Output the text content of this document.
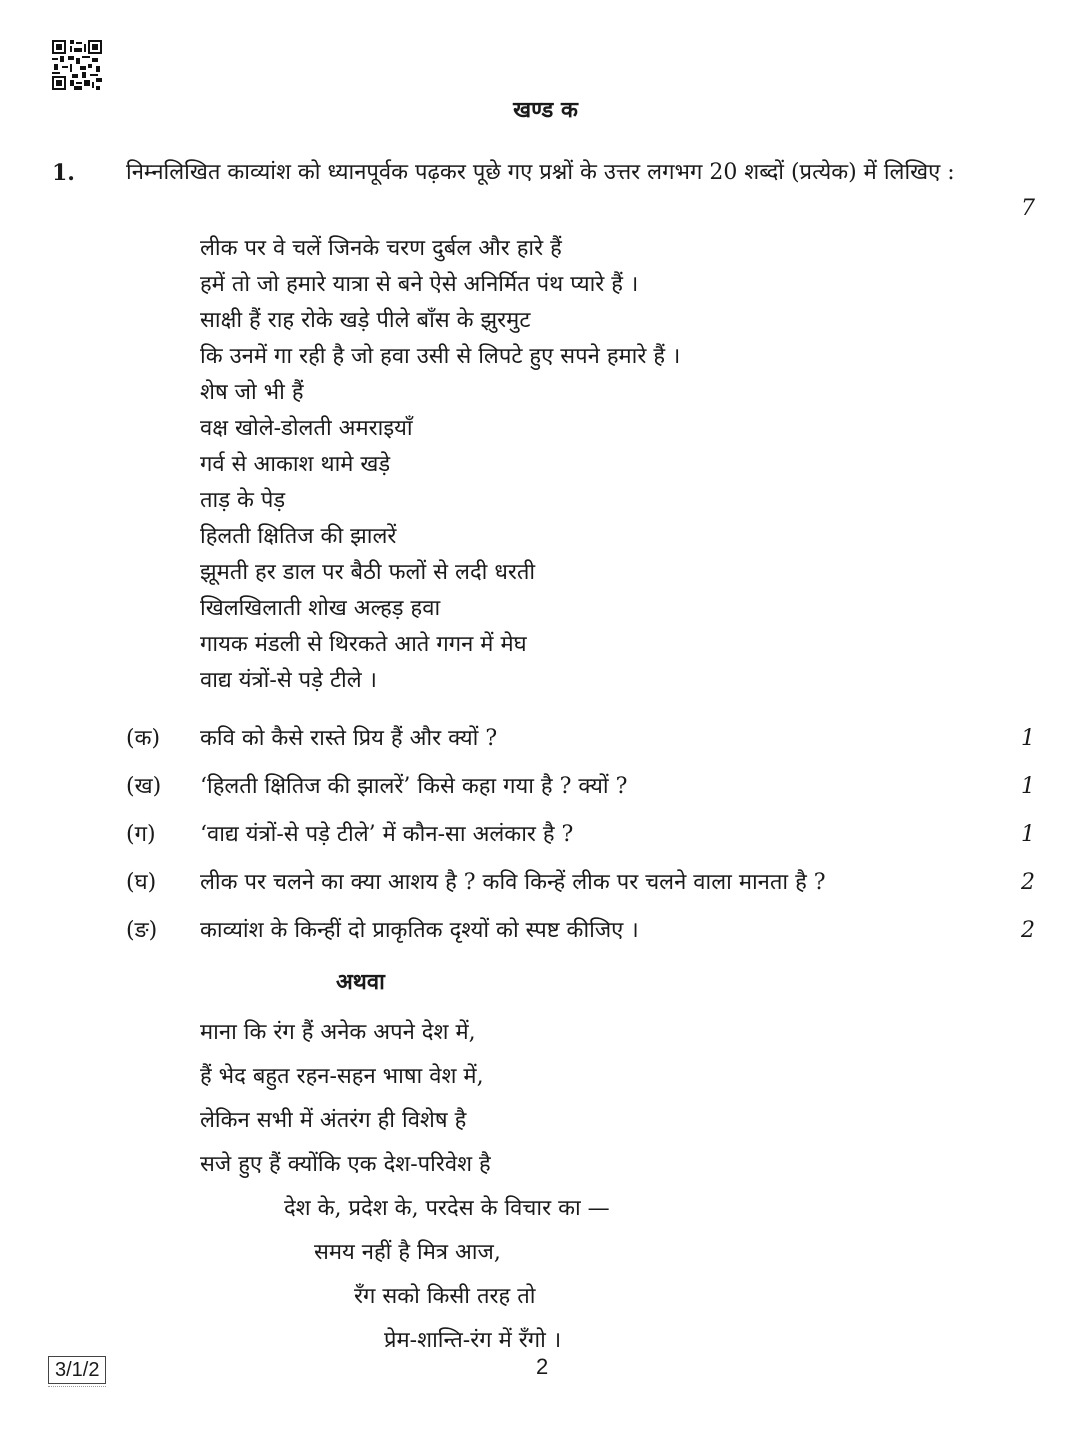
खण्ड क
1. निम्नलिखित काव्यांश को ध्यानपूर्वक पढ़कर पूछे गए प्रश्नों के उत्तर लगभग 20 शब्दों (प्रत्येक) में लिखिए :
7
लीक पर वे चलें जिनके चरण दुर्बल और हारे हैं
हमें तो जो हमारे यात्रा से बने ऐसे अनिर्मित पंथ प्यारे हैं ।
साक्षी हैं राह रोके खड़े पीले बाँस के झुरमुट
कि उनमें गा रही है जो हवा उसी से लिपटे हुए सपने हमारे हैं ।
शेष जो भी हैं
वक्ष खोले-डोलती अमराइयाँ
गर्व से आकाश थामे खड़े
ताड़ के पेड़
हिलती क्षितिज की झालरें
झूमती हर डाल पर बैठी फलों से लदी धरती
खिलखिलाती शोख अल्हड़ हवा
गायक मंडली से थिरकते आते गगन में मेघ
वाद्य यंत्रों-से पड़े टीले ।
(क) कवि को कैसे रास्ते प्रिय हैं और क्यों ?	1
(ख) ‘हिलती क्षितिज की झालरें’ किसे कहा गया है ? क्यों ?	1
(ग) ‘वाद्य यंत्रों-से पड़े टीले’ में कौन-सा अलंकार है ?	1
(घ) लीक पर चलने का क्या आशय है ? कवि किन्हें लीक पर चलने वाला मानता है ?	2
(ङ) काव्यांश के किन्हीं दो प्राकृतिक दृश्यों को स्पष्ट कीजिए ।	2
अथवा
माना कि रंग हैं अनेक अपने देश में,
हैं भेद बहुत रहन-सहन भाषा वेश में,
लेकिन सभी में अंतरंग ही विशेष है
सजे हुए हैं क्योंकि एक देश-परिवेश है
देश के, प्रदेश के, परदेस के विचार का —
समय नहीं है मित्र आज,
रँग सको किसी तरह तो
प्रेम-शान्ति-रंग में रँगो ।
3/1/2	2
